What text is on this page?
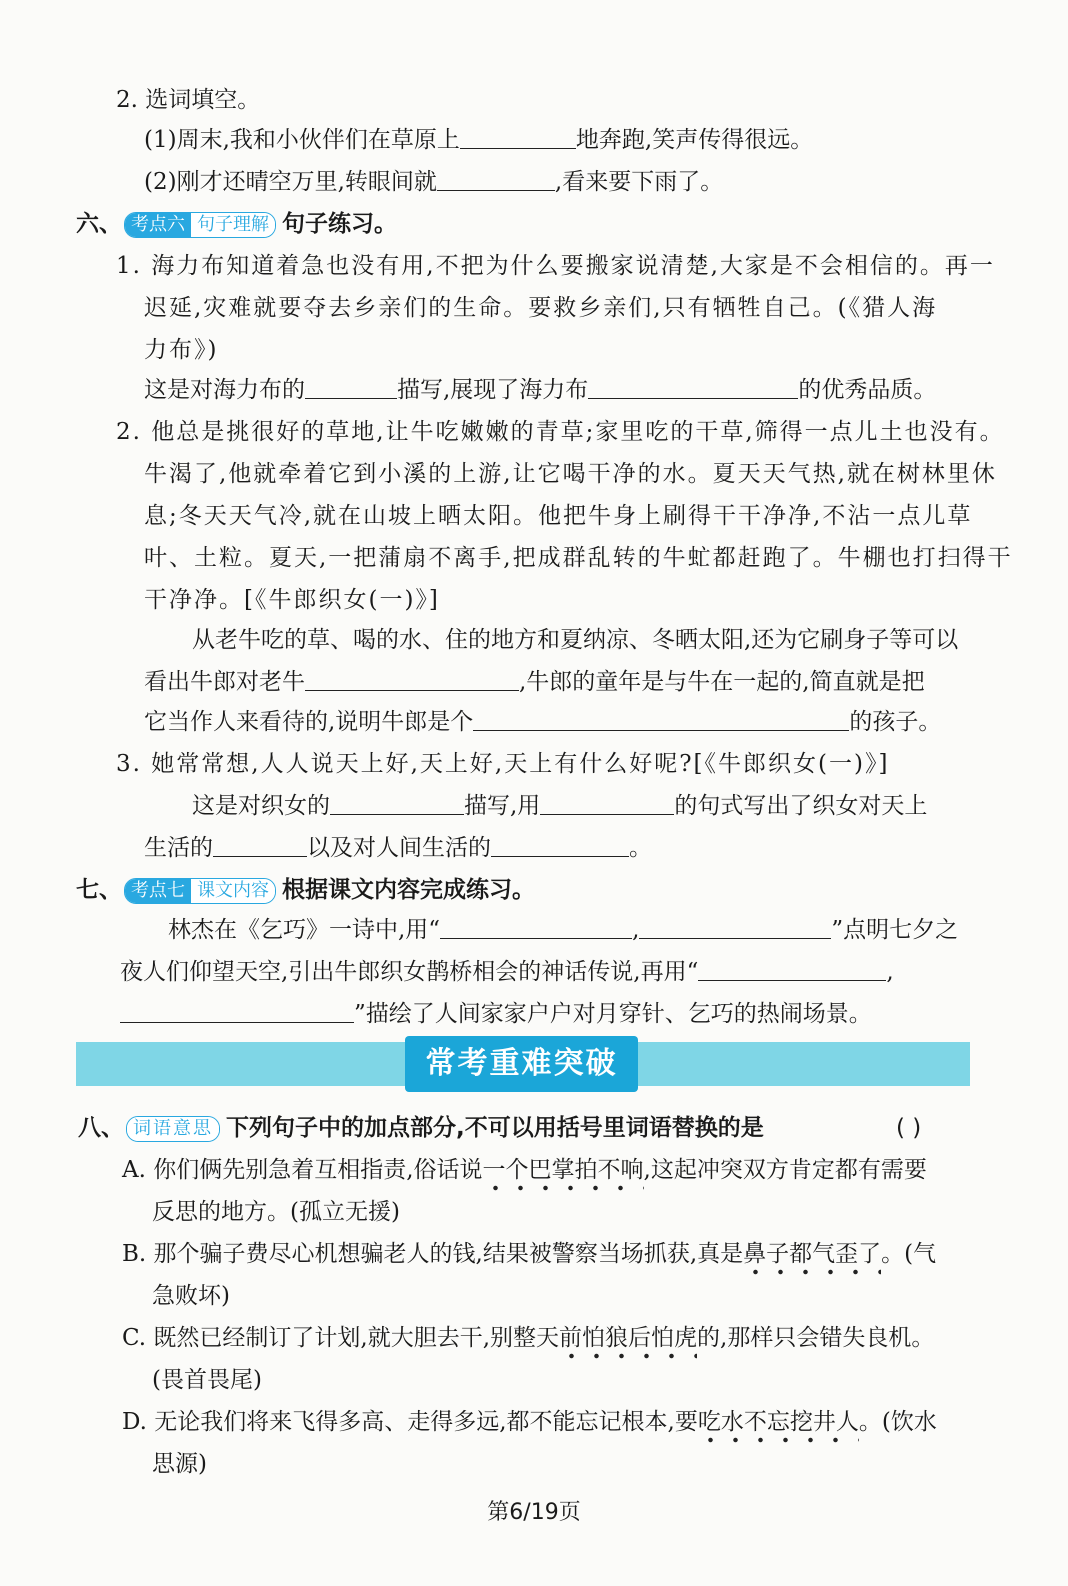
2. 选词填空。
(1)周末,我和小伙伴们在草原上	地奔跑,笑声传得很远。
(2)刚才还晴空万里,转眼间就	,看来要下雨了。
六、 考点六 句子理解 句子练习。
1. 海力布知道着急也没有用,不把为什么要搬家说清楚,大家是不会相信的。再一
迟延,灾难就要夺去乡亲们的生命。要救乡亲们,只有牺牲自己。(《猎人海
力布》)
这是对海力布的	描写,展现了海力布	的优秀品质。
2. 他总是挑很好的草地,让牛吃嫩嫩的青草;家里吃的干草,筛得一点儿土也没有。
牛渴了,他就牵着它到小溪的上游,让它喝干净的水。夏天天气热,就在树林里休
息;冬天天气冷,就在山坡上晒太阳。他把牛身上刷得干干净净,不沾一点儿草
叶、土粒。夏天,一把蒲扇不离手,把成群乱转的牛虻都赶跑了。牛棚也打扫得干
干净净。[《牛郎织女(一)》]
从老牛吃的草、喝的水、住的地方和夏纳凉、冬晒太阳,还为它刷身子等可以
看出牛郎对老牛	,牛郎的童年是与牛在一起的,简直就是把
它当作人来看待的,说明牛郎是个	的孩子。
3. 她常常想,人人说天上好,天上好,天上有什么好呢?[《牛郎织女(一)》]
这是对织女的	描写,用	的句式写出了织女对天上
生活的	以及对人间生活的	。
七、 考点七 课文内容 根据课文内容完成练习。
林杰在《乞巧》一诗中,用“	,	”点明七夕之
夜人们仰望天空,引出牛郎织女鹊桥相会的神话传说,再用“	,
”描绘了人间家家户户对月穿针、乞巧的热闹场景。
常考重难突破
八、 词语意思 下列句子中的加点部分,不可以用括号里词语替换的是	( )
A. 你们俩先别急着互相指责,俗话说一个巴掌拍不响,这起冲突双方肯定都有需要
反思的地方。(孤立无援)
B. 那个骗子费尽心机想骗老人的钱,结果被警察当场抓获,真是鼻子都气歪了。(气
急败坏)
C. 既然已经制订了计划,就大胆去干,别整天前怕狼后怕虎的,那样只会错失良机。
(畏首畏尾)
D. 无论我们将来飞得多高、走得多远,都不能忘记根本,要吃水不忘挖井人。(饮水
思源)
第6/19页
